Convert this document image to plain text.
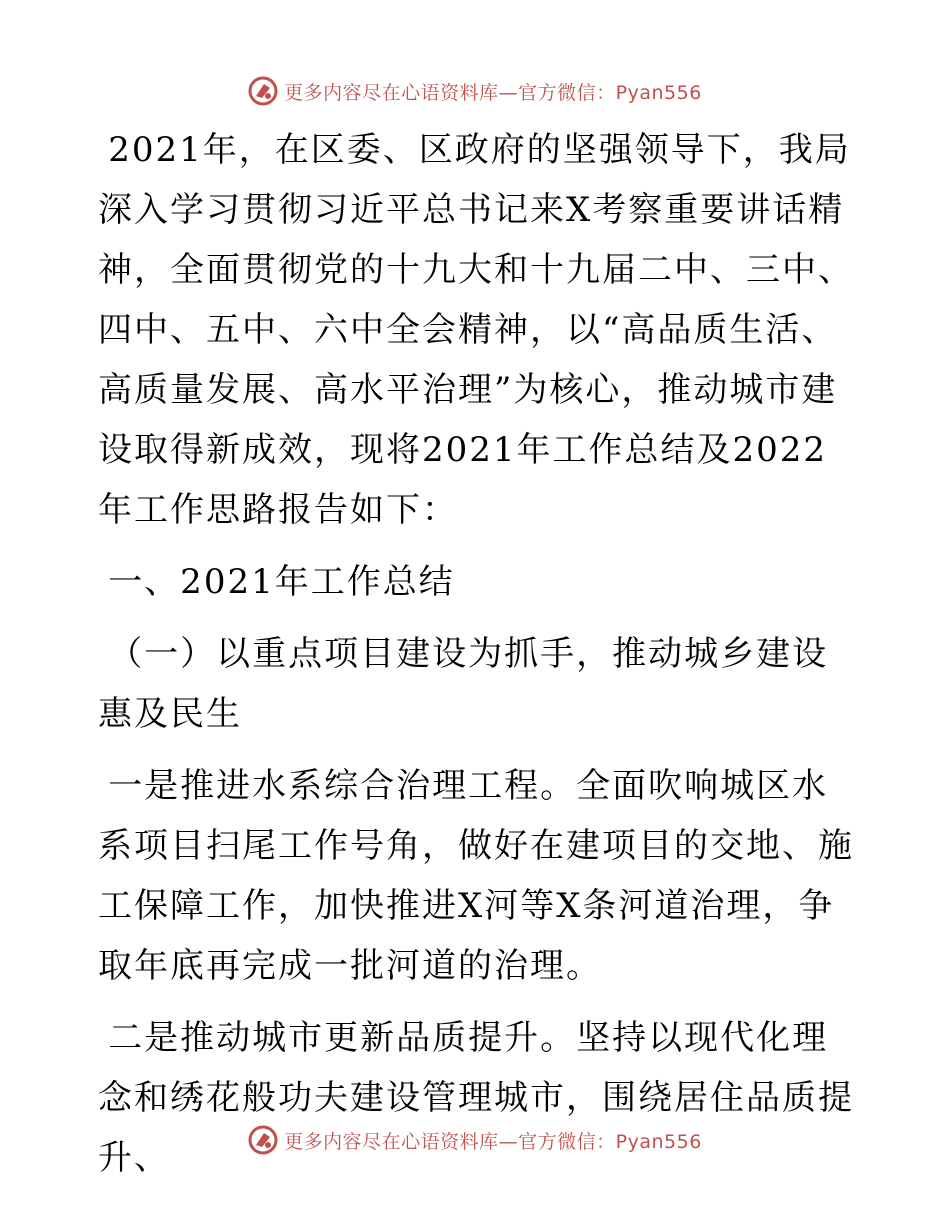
更多内容尽在心语资料库—官方微信：Pyan556

2021年，在区委、区政府的坚强领导下，我局深入学习贯彻习近平总书记来X考察重要讲话精神，全面贯彻党的十九大和十九届二中、三中、四中、五中、六中全会精神，以“高品质生活、高质量发展、高水平治理”为核心，推动城市建设取得新成效，现将2021年工作总结及2022年工作思路报告如下：

一、2021年工作总结

（一）以重点项目建设为抓手，推动城乡建设惠及民生

一是推进水系综合治理工程。全面吹响城区水系项目扫尾工作号角，做好在建项目的交地、施工保障工作，加快推进X河等X条河道治理，争取年底再完成一批河道的治理。

二是推动城市更新品质提升。坚持以现代化理念和绣花般功夫建设管理城市，围绕居住品质提升、	更多内容尽在心语资料库—官方微信：Pyan556
